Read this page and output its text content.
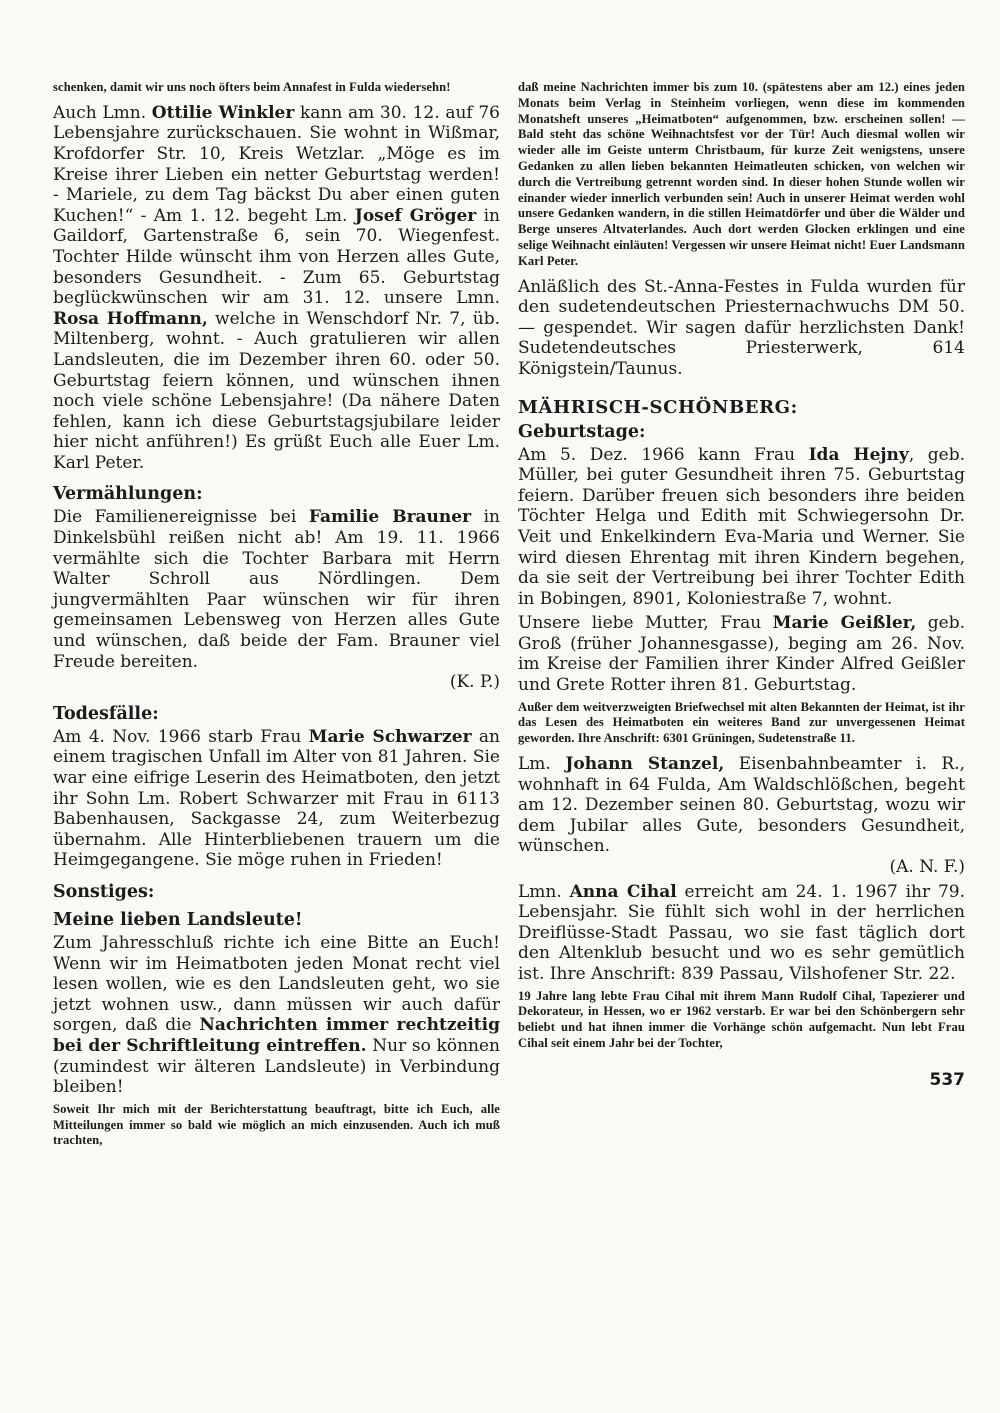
schenken, damit wir uns noch öfters beim Annafest in Fulda wiedersehn!
Auch Lmn. Ottilie Winkler kann am 30. 12. auf 76 Lebensjahre zurückschauen. Sie wohnt in Wißmar, Krofdorfer Str. 10, Kreis Wetzlar. „Möge es im Kreise ihrer Lieben ein netter Geburtstag werden! - Mariele, zu dem Tag bäckst Du aber einen guten Kuchen!“ - Am 1. 12. begeht Lm. Josef Gröger in Gaildorf, Gartenstraße 6, sein 70. Wiegenfest. Tochter Hilde wünscht ihm von Herzen alles Gute, besonders Gesundheit. - Zum 65. Geburtstag beglückwünschen wir am 31. 12. unsere Lmn. Rosa Hoffmann, welche in Wenschdorf Nr. 7, üb. Miltenberg, wohnt. - Auch gratulieren wir allen Landsleuten, die im Dezember ihren 60. oder 50. Geburtstag feiern können, und wünschen ihnen noch viele schöne Lebensjahre! (Da nähere Daten fehlen, kann ich diese Geburtstagsjubilare leider hier nicht anführen!) Es grüßt Euch alle Euer Lm. Karl Peter.
Vermählungen:
Die Familienereignisse bei Familie Brauner in Dinkelsbühl reißen nicht ab! Am 19. 11. 1966 vermählte sich die Tochter Barbara mit Herrn Walter Schroll aus Nördlingen. Dem jungvermählten Paar wünschen wir für ihren gemeinsamen Lebensweg von Herzen alles Gute und wünschen, daß beide der Fam. Brauner viel Freude bereiten.
(K. P.)
Todesfälle:
Am 4. Nov. 1966 starb Frau Marie Schwarzer an einem tragischen Unfall im Alter von 81 Jahren. Sie war eine eifrige Leserin des Heimatboten, den jetzt ihr Sohn Lm. Robert Schwarzer mit Frau in 6113 Babenhausen, Sackgasse 24, zum Weiterbezug übernahm. Alle Hinterbliebenen trauern um die Heimgegangene. Sie möge ruhen in Frieden!
Sonstiges:
Meine lieben Landsleute!
Zum Jahresschluß richte ich eine Bitte an Euch! Wenn wir im Heimatboten jeden Monat recht viel lesen wollen, wie es den Landsleuten geht, wo sie jetzt wohnen usw., dann müssen wir auch dafür sorgen, daß die Nachrichten immer rechtzeitig bei der Schriftleitung eintreffen. Nur so können (zumindest wir älteren Landsleute) in Verbindung bleiben!
Soweit Ihr mich mit der Berichterstattung beauftragt, bitte ich Euch, alle Mitteilungen immer so bald wie möglich an mich einzusenden. Auch ich muß trachten,
daß meine Nachrichten immer bis zum 10. (spätestens aber am 12.) eines jeden Monats beim Verlag in Steinheim vorliegen, wenn diese im kommenden Monatsheft unseres „Heimatboten“ aufgenommen, bzw. erscheinen sollen! — Bald steht das schöne Weihnachtsfest vor der Tür! Auch diesmal wollen wir wieder alle im Geiste unterm Christbaum, für kurze Zeit wenigstens, unsere Gedanken zu allen lieben bekannten Heimatleuten schicken, von welchen wir durch die Vertreibung getrennt worden sind. In dieser hohen Stunde wollen wir einander wieder innerlich verbunden sein! Auch in unserer Heimat werden wohl unsere Gedanken wandern, in die stillen Heimatdörfer und über die Wälder und Berge unseres Altvaterlandes. Auch dort werden Glocken erklingen und eine selige Weihnacht einläuten! Vergessen wir unsere Heimat nicht! Euer Landsmann Karl Peter.
Anläßlich des St.-Anna-Festes in Fulda wurden für den sudetendeutschen Priesternachwuchs DM 50.— gespendet. Wir sagen dafür herzlichsten Dank! Sudetendeutsches Priesterwerk, 614 Königstein/Taunus.
MÄHRISCH-SCHÖNBERG:
Geburtstage:
Am 5. Dez. 1966 kann Frau Ida Hejny, geb. Müller, bei guter Gesundheit ihren 75. Geburtstag feiern. Darüber freuen sich besonders ihre beiden Töchter Helga und Edith mit Schwiegersohn Dr. Veit und Enkelkindern Eva-Maria und Werner. Sie wird diesen Ehrentag mit ihren Kindern begehen, da sie seit der Vertreibung bei ihrer Tochter Edith in Bobingen, 8901, Koloniestraße 7, wohnt.
Unsere liebe Mutter, Frau Marie Geißler, geb. Groß (früher Johannesgasse), beging am 26. Nov. im Kreise der Familien ihrer Kinder Alfred Geißler und Grete Rotter ihren 81. Geburtstag.
Außer dem weitverzweigten Briefwechsel mit alten Bekannten der Heimat, ist ihr das Lesen des Heimatboten ein weiteres Band zur unvergessenen Heimat geworden. Ihre Anschrift: 6301 Grüningen, Sudetenstraße 11.
Lm. Johann Stanzel, Eisenbahnbeamter i. R., wohnhaft in 64 Fulda, Am Waldschlößchen, begeht am 12. Dezember seinen 80. Geburtstag, wozu wir dem Jubilar alles Gute, besonders Gesundheit, wünschen.
(A. N. F.)
Lmn. Anna Cihal erreicht am 24. 1. 1967 ihr 79. Lebensjahr. Sie fühlt sich wohl in der herrlichen Dreiflüsse-Stadt Passau, wo sie fast täglich dort den Altenklub besucht und wo es sehr gemütlich ist. Ihre Anschrift: 839 Passau, Vilshofener Str. 22.
19 Jahre lang lebte Frau Cihal mit ihrem Mann Rudolf Cihal, Tapezierer und Dekorateur, in Hessen, wo er 1962 verstarb. Er war bei den Schönbergern sehr beliebt und hat ihnen immer die Vorhänge schön aufgemacht. Nun lebt Frau Cihal seit einem Jahr bei der Tochter,
537
